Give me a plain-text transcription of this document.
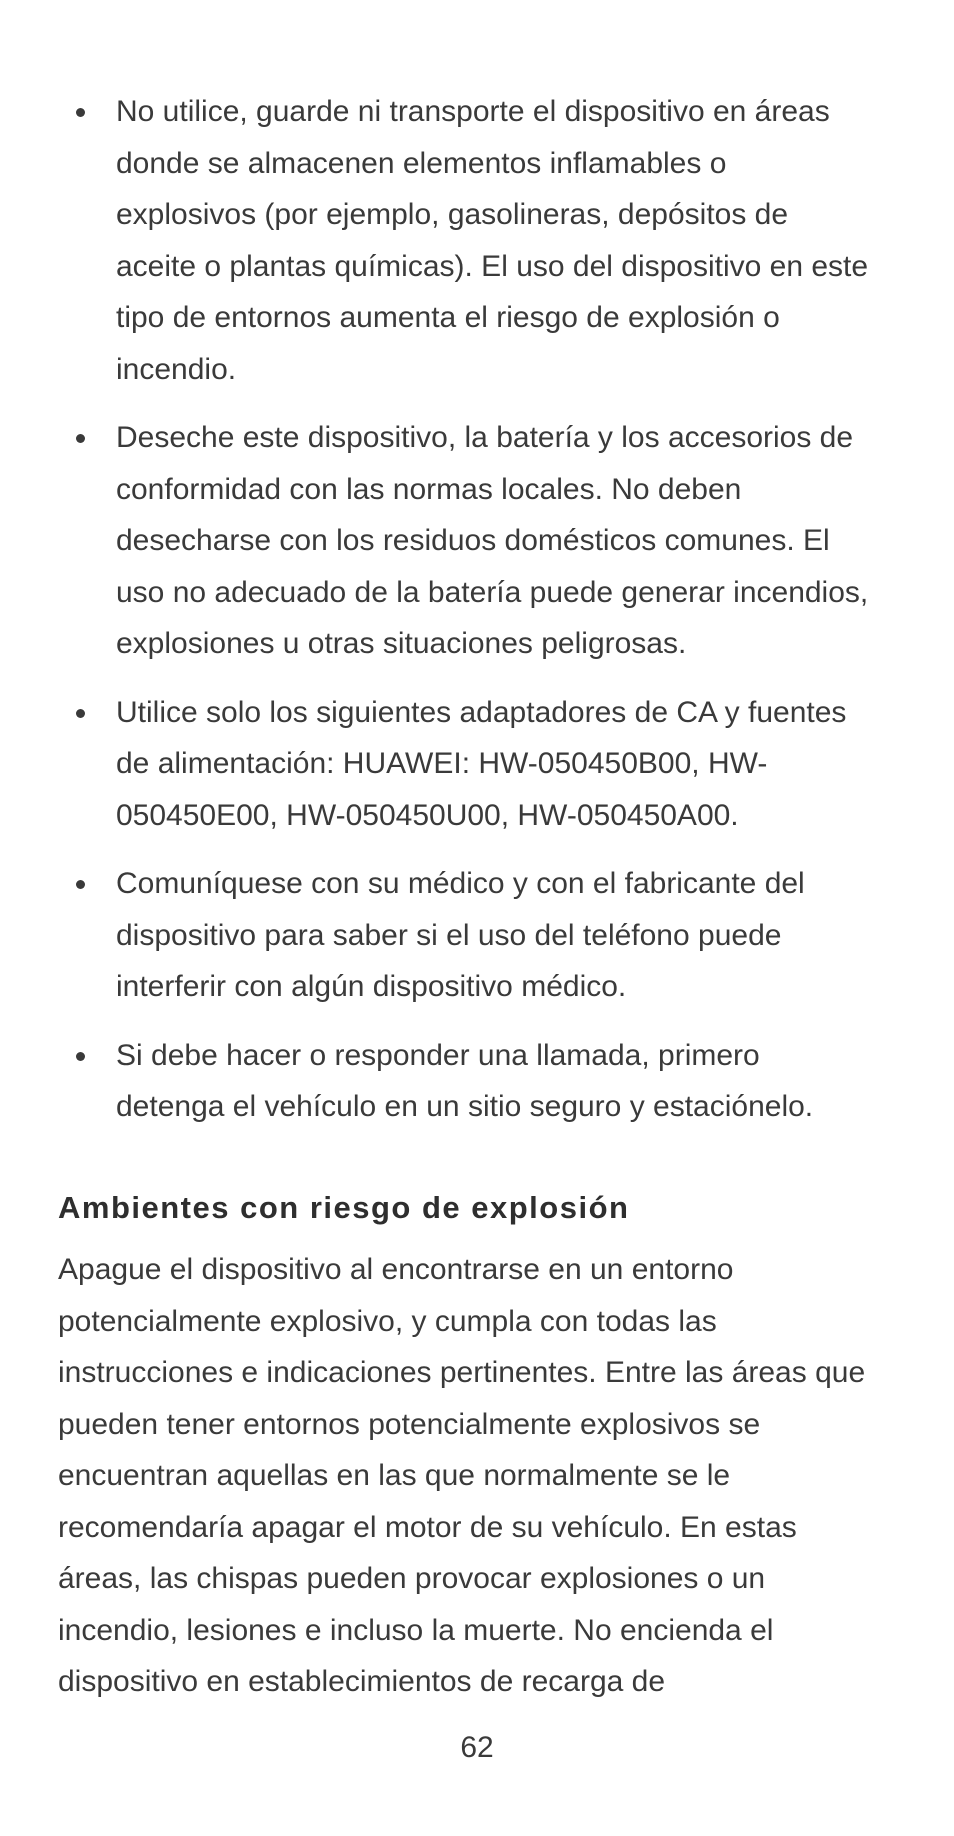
No utilice, guarde ni transporte el dispositivo en áreas donde se almacenen elementos inflamables o explosivos (por ejemplo, gasolineras, depósitos de aceite o plantas químicas). El uso del dispositivo en este tipo de entornos aumenta el riesgo de explosión o incendio.
Deseche este dispositivo, la batería y los accesorios de conformidad con las normas locales. No deben desecharse con los residuos domésticos comunes. El uso no adecuado de la batería puede generar incendios, explosiones u otras situaciones peligrosas.
Utilice solo los siguientes adaptadores de CA y fuentes de alimentación: HUAWEI: HW-050450B00, HW-050450E00, HW-050450U00, HW-050450A00.
Comuníquese con su médico y con el fabricante del dispositivo para saber si el uso del teléfono puede interferir con algún dispositivo médico.
Si debe hacer o responder una llamada, primero detenga el vehículo en un sitio seguro y estaciónelo.
Ambientes con riesgo de explosión

Apague el dispositivo al encontrarse en un entorno potencialmente explosivo, y cumpla con todas las instrucciones e indicaciones pertinentes. Entre las áreas que pueden tener entornos potencialmente explosivos se encuentran aquellas en las que normalmente se le recomendaría apagar el motor de su vehículo. En estas áreas, las chispas pueden provocar explosiones o un incendio, lesiones e incluso la muerte. No encienda el dispositivo en establecimientos de recarga de

62
